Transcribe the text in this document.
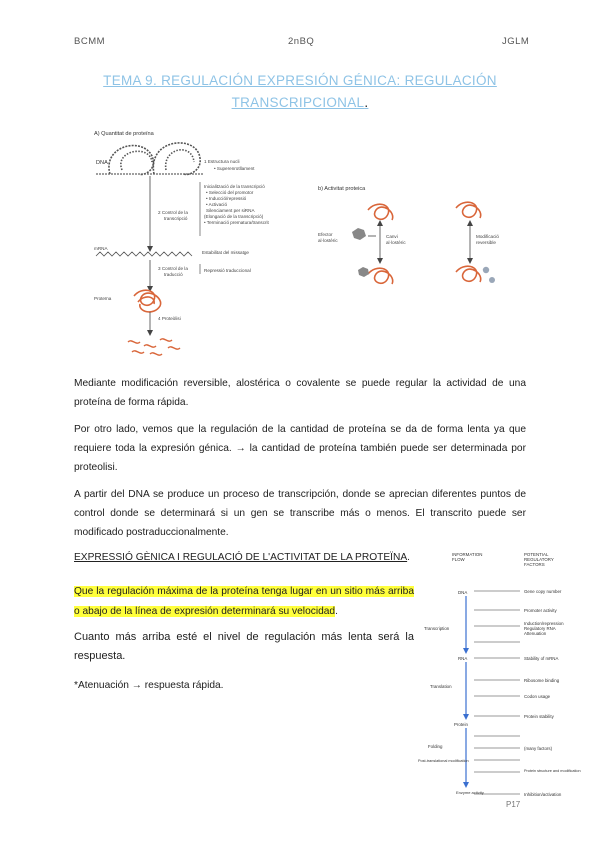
BCMM	2nBQ	JGLM
TEMA 9. REGULACIÓN EXPRESIÓN GÉNICA: REGULACIÓN
TRANSCRIPCIONAL.
A) Quantitat de proteïna
DNA	1 Estructura nucli
• Superenrotllament
Inicialització de la transcripció
• Selecció del promotor
• Inducció/repressió
• Activació
Silenciament per siRNA
(Elongació de la transcripció)
• Terminació prematura/transcrit
2 Control de la
transcripció
mRNA
Estabilitat del missatge
3 Control de la
traducció
Repressió traduccional
Proteïna
4 Proteòlisi
b) Activitat proteica
Canvi
al·lostèric
Modificació
reversible
Efector
al·lostèric
Mediante modificación reversible, alostérica o covalente se puede regular la actividad de una proteína de forma rápida.
Por otro lado, vemos que la regulación de la cantidad de proteína se da de forma lenta ya que requiere toda la expresión génica. → la cantidad de proteína también puede ser determinada por proteolisi.
A partir del DNA se produce un proceso de transcripción, donde se aprecian diferentes puntos de control donde se determinará si un gen se transcribe más o menos. El transcrito puede ser modificado postraduccionalmente.
EXPRESSIÓ GÈNICA I REGULACIÓ DE L'ACTIVITAT DE LA PROTEÏNA.
Que la regulación máxima de la proteína tenga lugar en un sitio más arriba o abajo de la línea de expresión determinará su velocidad.
Cuanto más arriba esté el nivel de regulación más lenta será la respuesta.
*Atenuación → respuesta rápida.
INFORMATION
FLOW
POTENTIAL
REGULATORY
FACTORS
DNA
RNA
Protein
Enzyme activity
Transcription
Translation
Folding
Post-translational modification
Gene copy number
Promoter activity
Induction/repression
Regulatory RNA
Attenuation
Stability of mRNA
Ribosome binding
Codon usage
Protein stability
(many factors)
Protein structure and modification
Inhibition/activation
P17
